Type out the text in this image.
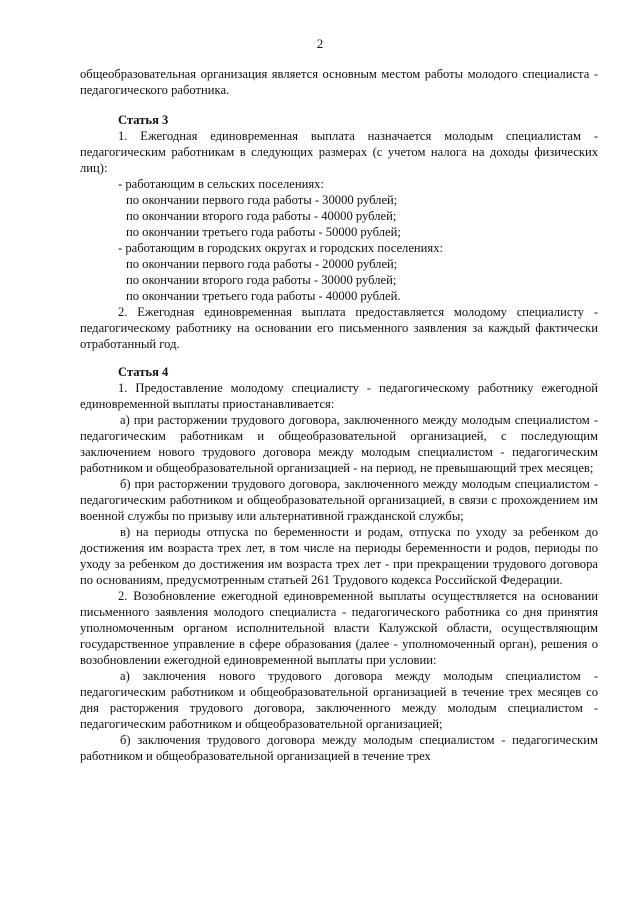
2

общеобразовательная организация является основным местом работы молодого специалиста - педагогического работника.

Статья 3

1. Ежегодная единовременная выплата назначается молодым специалистам - педагогическим работникам в следующих размерах (с учетом налога на доходы физических лиц):

- работающим в сельских поселениях:

по окончании первого года работы - 30000 рублей;

по окончании второго года работы - 40000 рублей;

по окончании третьего года работы - 50000 рублей;

- работающим в городских округах и городских поселениях:

по окончании первого года работы - 20000 рублей;

по окончании второго года работы - 30000 рублей;

по окончании третьего года работы - 40000 рублей.

2. Ежегодная единовременная выплата предоставляется молодому специалисту - педагогическому работнику на основании его письменного заявления за каждый фактически отработанный год.

Статья 4

1. Предоставление молодому специалисту - педагогическому работнику ежегодной единовременной выплаты приостанавливается:

а) при расторжении трудового договора, заключенного между молодым специалистом - педагогическим работникам и общеобразовательной организацией, с последующим заключением нового трудового договора между молодым специалистом - педагогическим работником и общеобразовательной организацией - на период, не превышающий трех месяцев;

б) при расторжении трудового договора, заключенного между молодым специалистом - педагогическим работником и общеобразовательной организацией, в связи с прохождением им военной службы по призыву или альтернативной гражданской службы;

в) на периоды отпуска по беременности и родам, отпуска по уходу за ребенком до достижения им возраста трех лет, в том числе на периоды беременности и родов, периоды по уходу за ребенком до достижения им возраста трех лет - при прекращении трудового договора по основаниям, предусмотренным статьей 261 Трудового кодекса Российской Федерации.

2. Возобновление ежегодной единовременной выплаты осуществляется на основании письменного заявления молодого специалиста - педагогического работника со дня принятия уполномоченным органом исполнительной власти Калужской области, осуществляющим государственное управление в сфере образования (далее - уполномоченный орган), решения о возобновлении ежегодной единовременной выплаты при условии:

а) заключения нового трудового договора между молодым специалистом - педагогическим работником и общеобразовательной организацией в течение трех месяцев со дня расторжения трудового договора, заключенного между молодым специалистом - педагогическим работником и общеобразовательной организацией;

б) заключения трудового договора между молодым специалистом - педагогическим работником и общеобразовательной организацией в течение трех
